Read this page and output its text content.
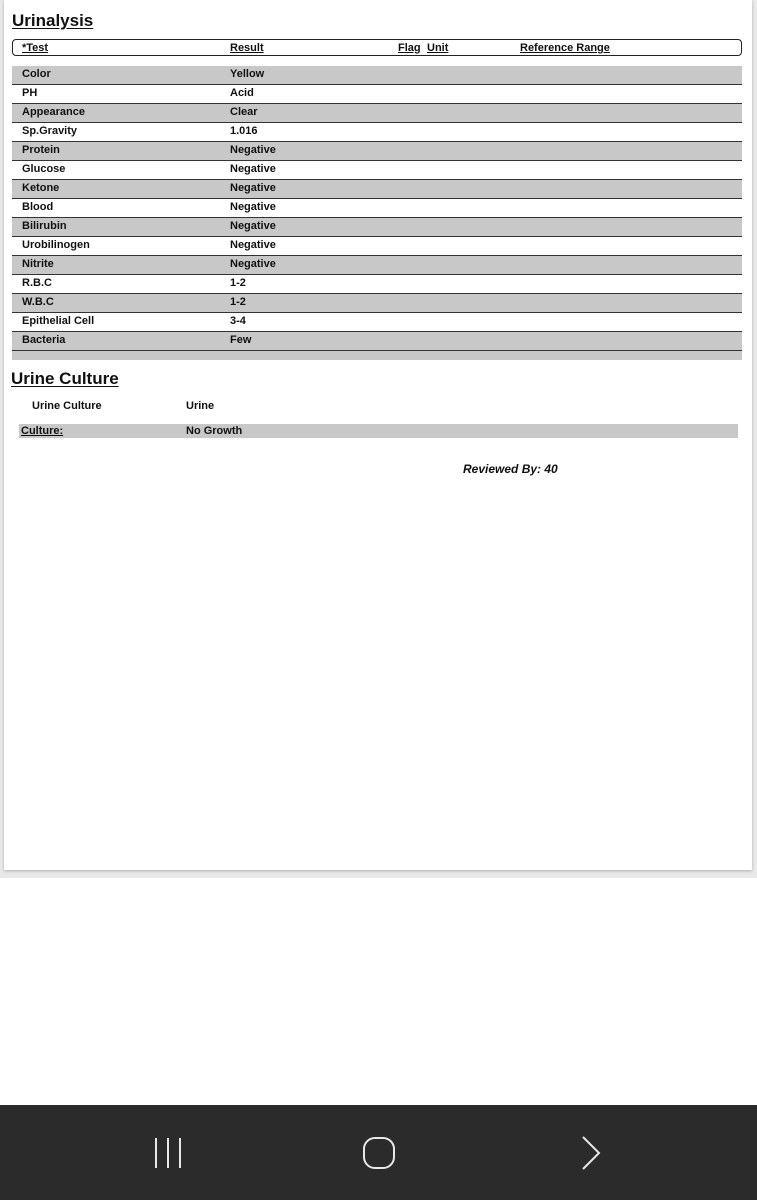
Urinalysis
*Test	Result	Flag Unit	Reference Range
Color	Yellow
PH	Acid
Appearance	Clear
Sp.Gravity	1.016
Protein	Negative
Glucose	Negative
Ketone	Negative
Blood	Negative
Bilirubin	Negative
Urobilinogen	Negative
Nitrite	Negative
R.B.C	1-2
W.B.C	1-2
Epithelial Cell	3-4
Bacteria	Few
Urine Culture
Urine Culture	Urine
Culture:	No Growth
Reviewed By: 40
